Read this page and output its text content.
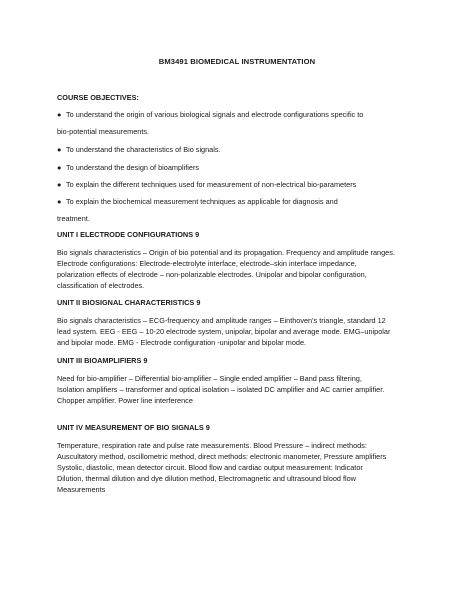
BM3491 BIOMEDICAL INSTRUMENTATION
COURSE OBJECTIVES:
● To understand the origin of various biological signals and electrode configurations specific to
bio-potential measurements.
● To understand the characteristics of Bio signals.
● To understand the design of bioamplifiers
● To explain the different techniques used for measurement of non-electrical bio-parameters
● To explain the biochemical measurement techniques as applicable for diagnosis and
treatment.
UNIT I ELECTRODE CONFIGURATIONS 9
Bio signals characteristics – Origin of bio potential and its propagation. Frequency and amplitude ranges.
Electrode configurations: Electrode-electrolyte interface, electrode–skin interface impedance,
polarization effects of electrode – non-polarizable electrodes. Unipolar and bipolar configuration,
classification of electrodes.
UNIT II BIOSIGNAL CHARACTERISTICS 9
Bio signals characteristics – ECG-frequency and amplitude ranges – Einthoven's triangle, standard 12
lead system. EEG - EEG – 10-20 electrode system, unipolar, bipolar and average mode. EMG–unipolar
and bipolar mode. EMG - Electrode configuration -unipolar and bipolar mode.
UNIT III BIOAMPLIFIERS 9
Need for bio-amplifier – Differential bio-amplifier – Single ended amplifier – Band pass filtering,
Isolation amplifiers – transformer and optical isolation – isolated DC amplifier and AC carrier amplifier.
Chopper amplifier. Power line interference
UNIT IV MEASUREMENT OF BIO SIGNALS 9
Temperature, respiration rate and pulse rate measurements. Blood Pressure – indirect methods:
Auscultatory method, oscillometric method, direct methods: electronic manometer, Pressure amplifiers
Systolic, diastolic, mean detector circuit. Blood flow and cardiac output measurement: Indicator
Dilution, thermal dilution and dye dilution method, Electromagnetic and ultrasound blood flow
Measurements
